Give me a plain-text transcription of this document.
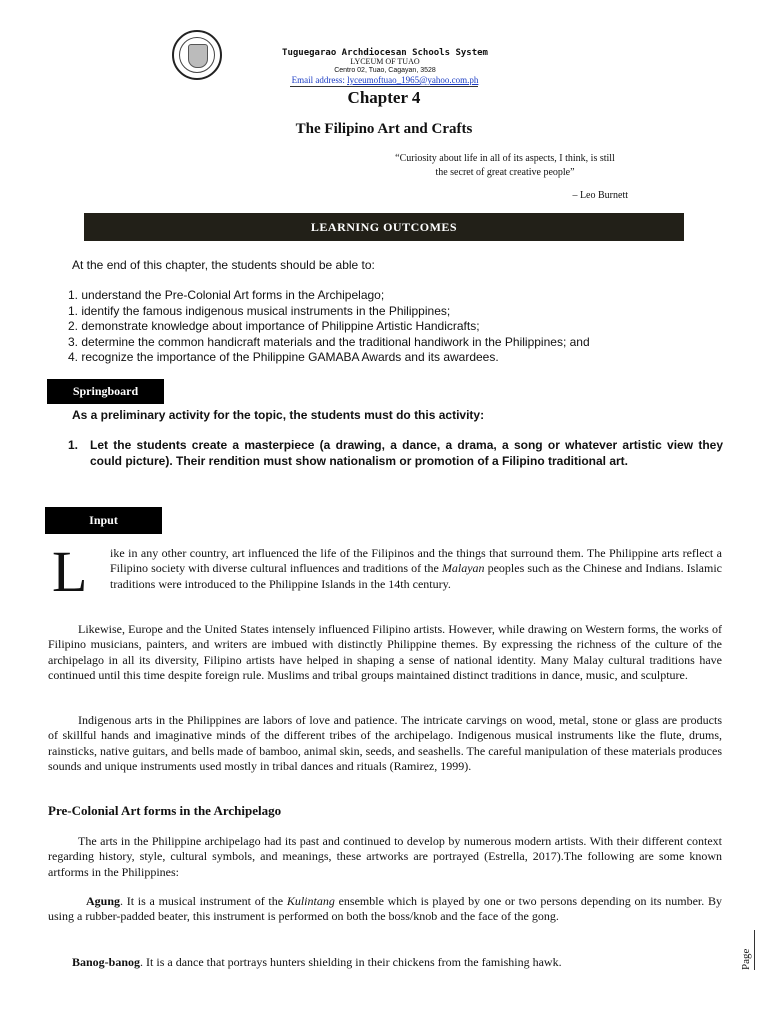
Tuguegarao Archdiocesan Schools System
LYCEUM OF TUAO
Centro 02, Tuao, Cagayan, 3528
Email address: lyceumoftuao_1965@yahoo.com.ph
Chapter 4
The Filipino Art and Crafts
“Curiosity about life in all of its aspects, I think, is still the secret of great creative people”
– Leo Burnett
LEARNING OUTCOMES
At the end of this chapter, the students should be able to:
1. understand the Pre-Colonial Art forms in the Archipelago;
1. identify the famous indigenous musical instruments in the Philippines;
2. demonstrate knowledge about importance of Philippine Artistic Handicrafts;
3. determine the common handicraft materials and the traditional handiwork in the Philippines; and
4. recognize the importance of the Philippine GAMABA Awards and its awardees.
Springboard
As a preliminary activity for the topic, the students must do this activity:
1. Let the students create a masterpiece (a drawing, a dance, a drama, a song or whatever artistic view they could picture). Their rendition must show nationalism or promotion of a Filipino traditional art.
Input
L ike in any other country, art influenced the life of the Filipinos and the things that surround them. The Philippine arts reflect a Filipino society with diverse cultural influences and traditions of the Malayan peoples such as the Chinese and Indians. Islamic traditions were introduced to the Philippine Islands in the 14th century.
Likewise, Europe and the United States intensely influenced Filipino artists. However, while drawing on Western forms, the works of Filipino musicians, painters, and writers are imbued with distinctly Philippine themes. By expressing the richness of the culture of the archipelago in all its diversity, Filipino artists have helped in shaping a sense of national identity. Many Malay cultural traditions have continued until this time despite foreign rule. Muslims and tribal groups maintained distinct traditions in dance, music, and sculpture.
Indigenous arts in the Philippines are labors of love and patience. The intricate carvings on wood, metal, stone or glass are products of skillful hands and imaginative minds of the different tribes of the archipelago. Indigenous musical instruments like the flute, drums, rainsticks, native guitars, and bells made of bamboo, animal skin, seeds, and seashells. The careful manipulation of these materials produces sounds and unique instruments used mostly in tribal dances and rituals (Ramirez, 1999).
Pre-Colonial Art forms in the Archipelago
The arts in the Philippine archipelago had its past and continued to develop by numerous modern artists. With their different context regarding history, style, cultural symbols, and meanings, these artworks are portrayed (Estrella, 2017).The following are some known artforms in the Philippines:
Agung. It is a musical instrument of the Kulintang ensemble which is played by one or two persons depending on its number. By using a rubber-padded beater, this instrument is performed on both the boss/knob and the face of the gong.
Banog-banog. It is a dance that portrays hunters shielding in their chickens from the famishing hawk.	Page
